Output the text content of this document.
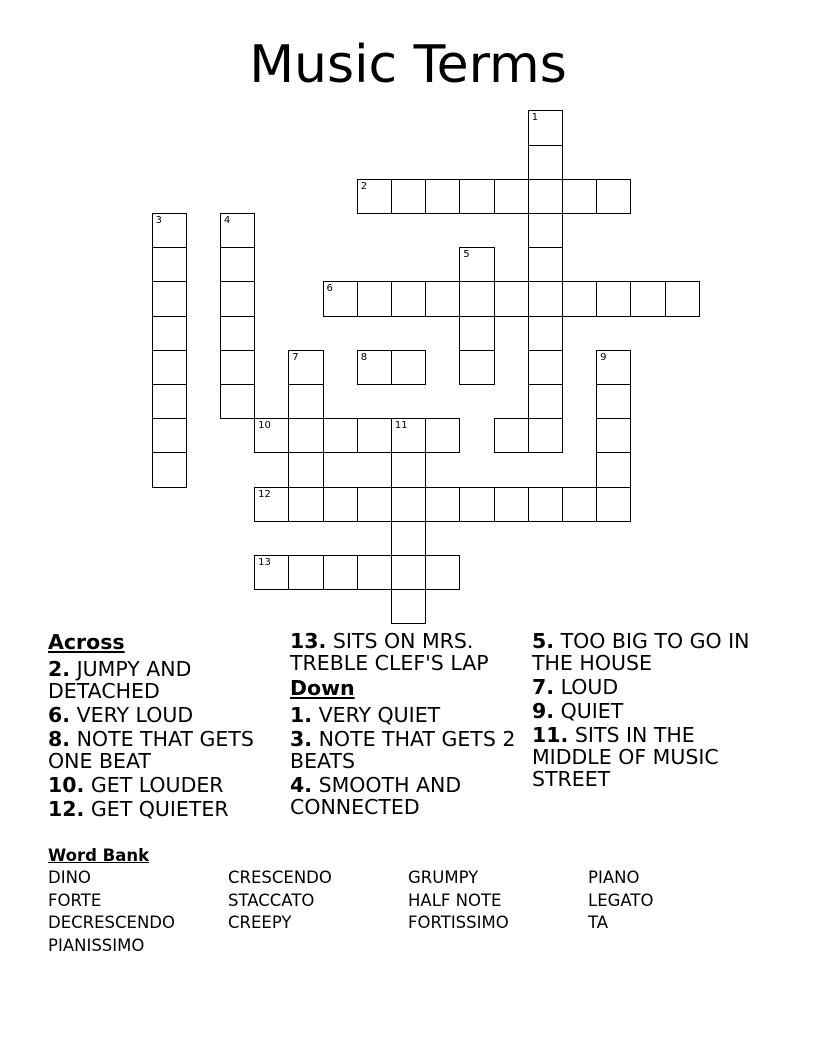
Music Terms
1
2
3	4
5
6
7	8	9
10	11
12
13
Across
2. JUMPY AND DETACHED
6. VERY LOUD
8. NOTE THAT GETS ONE BEAT
10. GET LOUDER
12. GET QUIETER
13. SITS ON MRS. TREBLE CLEF'S LAP
Down
1. VERY QUIET
3. NOTE THAT GETS 2 BEATS
4. SMOOTH AND CONNECTED
5. TOO BIG TO GO IN THE HOUSE
7. LOUD
9. QUIET
11. SITS IN THE MIDDLE OF MUSIC STREET
Word Bank
DINO	CRESCENDO	GRUMPY	PIANO
FORTE	STACCATO	HALF NOTE	LEGATO
DECRESCENDO	CREEPY	FORTISSIMO	TA
PIANISSIMO
